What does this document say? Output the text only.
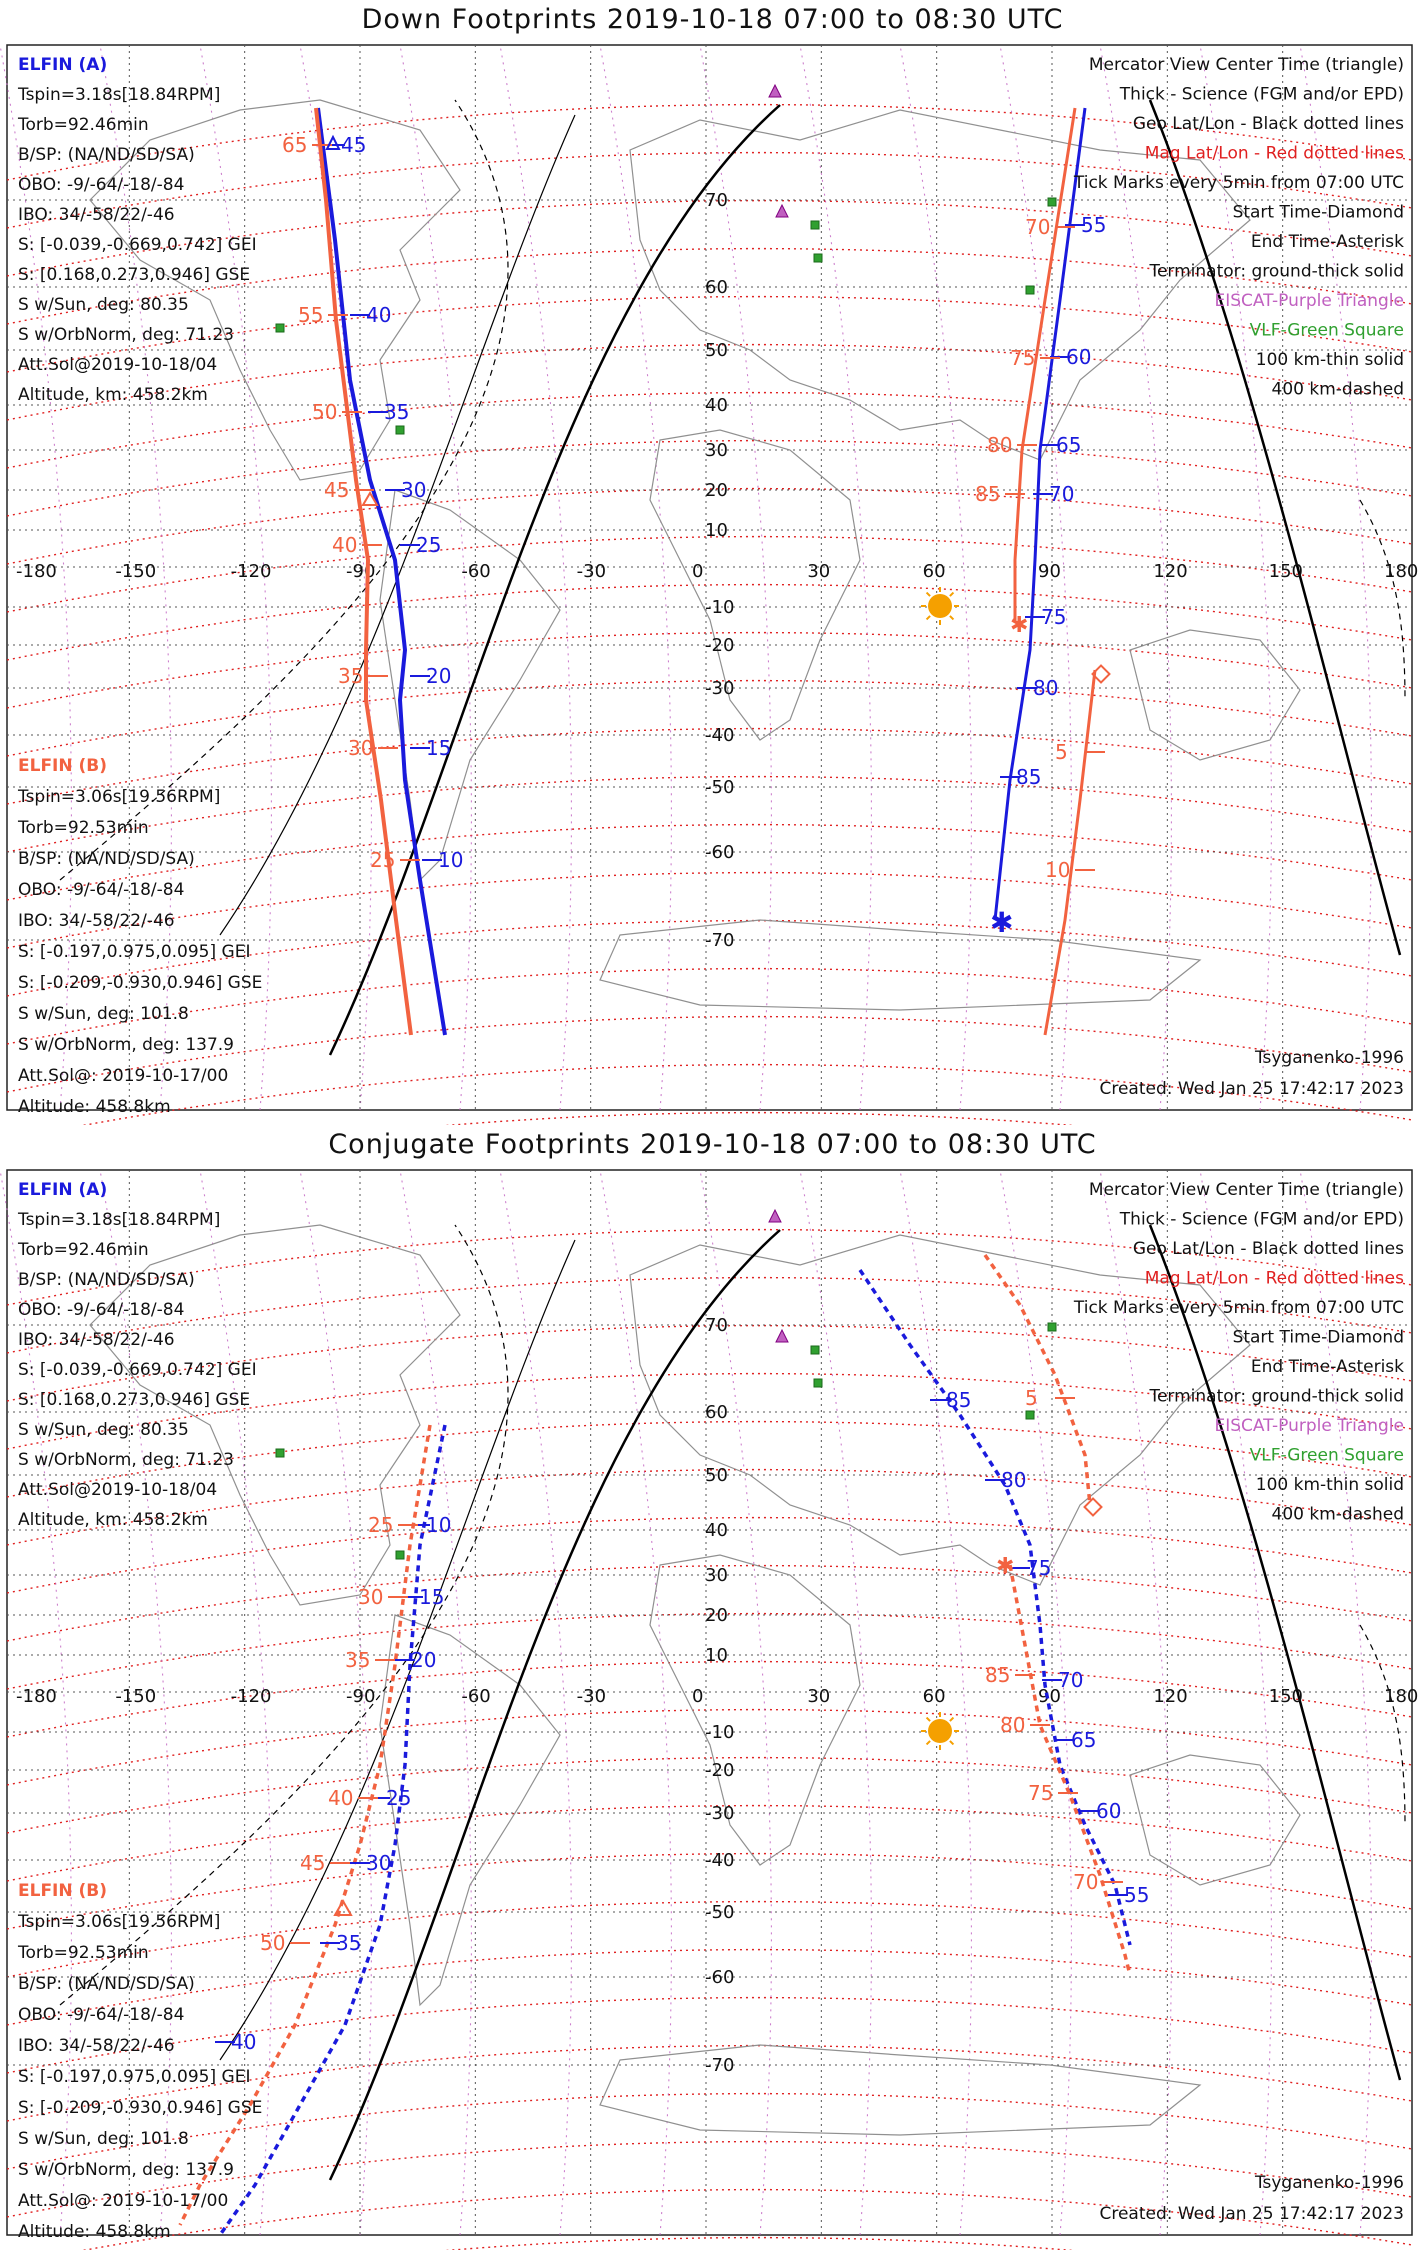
Down Footprints 2019-10-18 07:00 to 08:30 UTC
-180	-150	-120	-90	-60	-30	0	30	60	90	120	150	180
70
60
50
40
30
20
10
-10
-20
-30
-40
-50
-60
-70
45
40
35
30
25
20
15
10
65
55
50
45
40
35
30
25
55
60
65
70
75
80
85
70
75
80
85
5
10
✱
✱
ELFIN (A)
Tspin=3.18s[18.84RPM]
Torb=92.46min
B/SP: (NA/ND/SD/SA)
OBO: -9/-64/-18/-84
IBO: 34/-58/22/-46
S: [-0.039,-0.669,0.742] GEI
S: [0.168,0.273,0.946] GSE
S w/Sun, deg: 80.35
S w/OrbNorm, deg: 71.23
Att.Sol@2019-10-18/04
Altitude, km: 458.2km
ELFIN (B)
Tspin=3.06s[19.56RPM]
Torb=92.53min
B/SP: (NA/ND/SD/SA)
OBO: -9/-64/-18/-84
IBO: 34/-58/22/-46
S: [-0.197,0.975,0.095] GEI
S: [-0.209,-0.930,0.946] GSE
S w/Sun, deg: 101.8
S w/OrbNorm, deg: 137.9
Att.Sol@: 2019-10-17/00
Altitude: 458.8km
Mercator View Center Time (triangle)
Thick - Science (FGM and/or EPD)
Geo Lat/Lon - Black dotted lines
Mag Lat/Lon - Red dotted lines
Tick Marks every 5min from 07:00 UTC
Start Time-Diamond
End Time-Asterisk
Terminator: ground-thick solid
EISCAT-Purple Triangle
VLF-Green Square
100 km-thin solid
400 km-dashed
Tsyganenko-1996
Created: Wed Jan 25 17:42:17 2023
Conjugate Footprints 2019-10-18 07:00 to 08:30 UTC
-180	-150	-120	-90	-60	-30	0	30	60	90	120	150	180
70
60
50
40
30
20
10
-10
-20
-30
-40
-50
-60
-70
10
15
20
25
30
35
40
25
30
35
40
45
50
85
80
75
70
65
60
55
5
85
80
75
70
✱
ELFIN (A)
Tspin=3.18s[18.84RPM]
Torb=92.46min
B/SP: (NA/ND/SD/SA)
OBO: -9/-64/-18/-84
IBO: 34/-58/22/-46
S: [-0.039,-0.669,0.742] GEI
S: [0.168,0.273,0.946] GSE
S w/Sun, deg: 80.35
S w/OrbNorm, deg: 71.23
Att.Sol@2019-10-18/04
Altitude, km: 458.2km
ELFIN (B)
Tspin=3.06s[19.56RPM]
Torb=92.53min
B/SP: (NA/ND/SD/SA)
OBO: -9/-64/-18/-84
IBO: 34/-58/22/-46
S: [-0.197,0.975,0.095] GEI
S: [-0.209,-0.930,0.946] GSE
S w/Sun, deg: 101.8
S w/OrbNorm, deg: 137.9
Att.Sol@: 2019-10-17/00
Altitude: 458.8km
Mercator View Center Time (triangle)
Thick - Science (FGM and/or EPD)
Geo Lat/Lon - Black dotted lines
Mag Lat/Lon - Red dotted lines
Tick Marks every 5min from 07:00 UTC
Start Time-Diamond
End Time-Asterisk
Terminator: ground-thick solid
EISCAT-Purple Triangle
VLF-Green Square
100 km-thin solid
400 km-dashed
Tsyganenko-1996
Created: Wed Jan 25 17:42:17 2023
